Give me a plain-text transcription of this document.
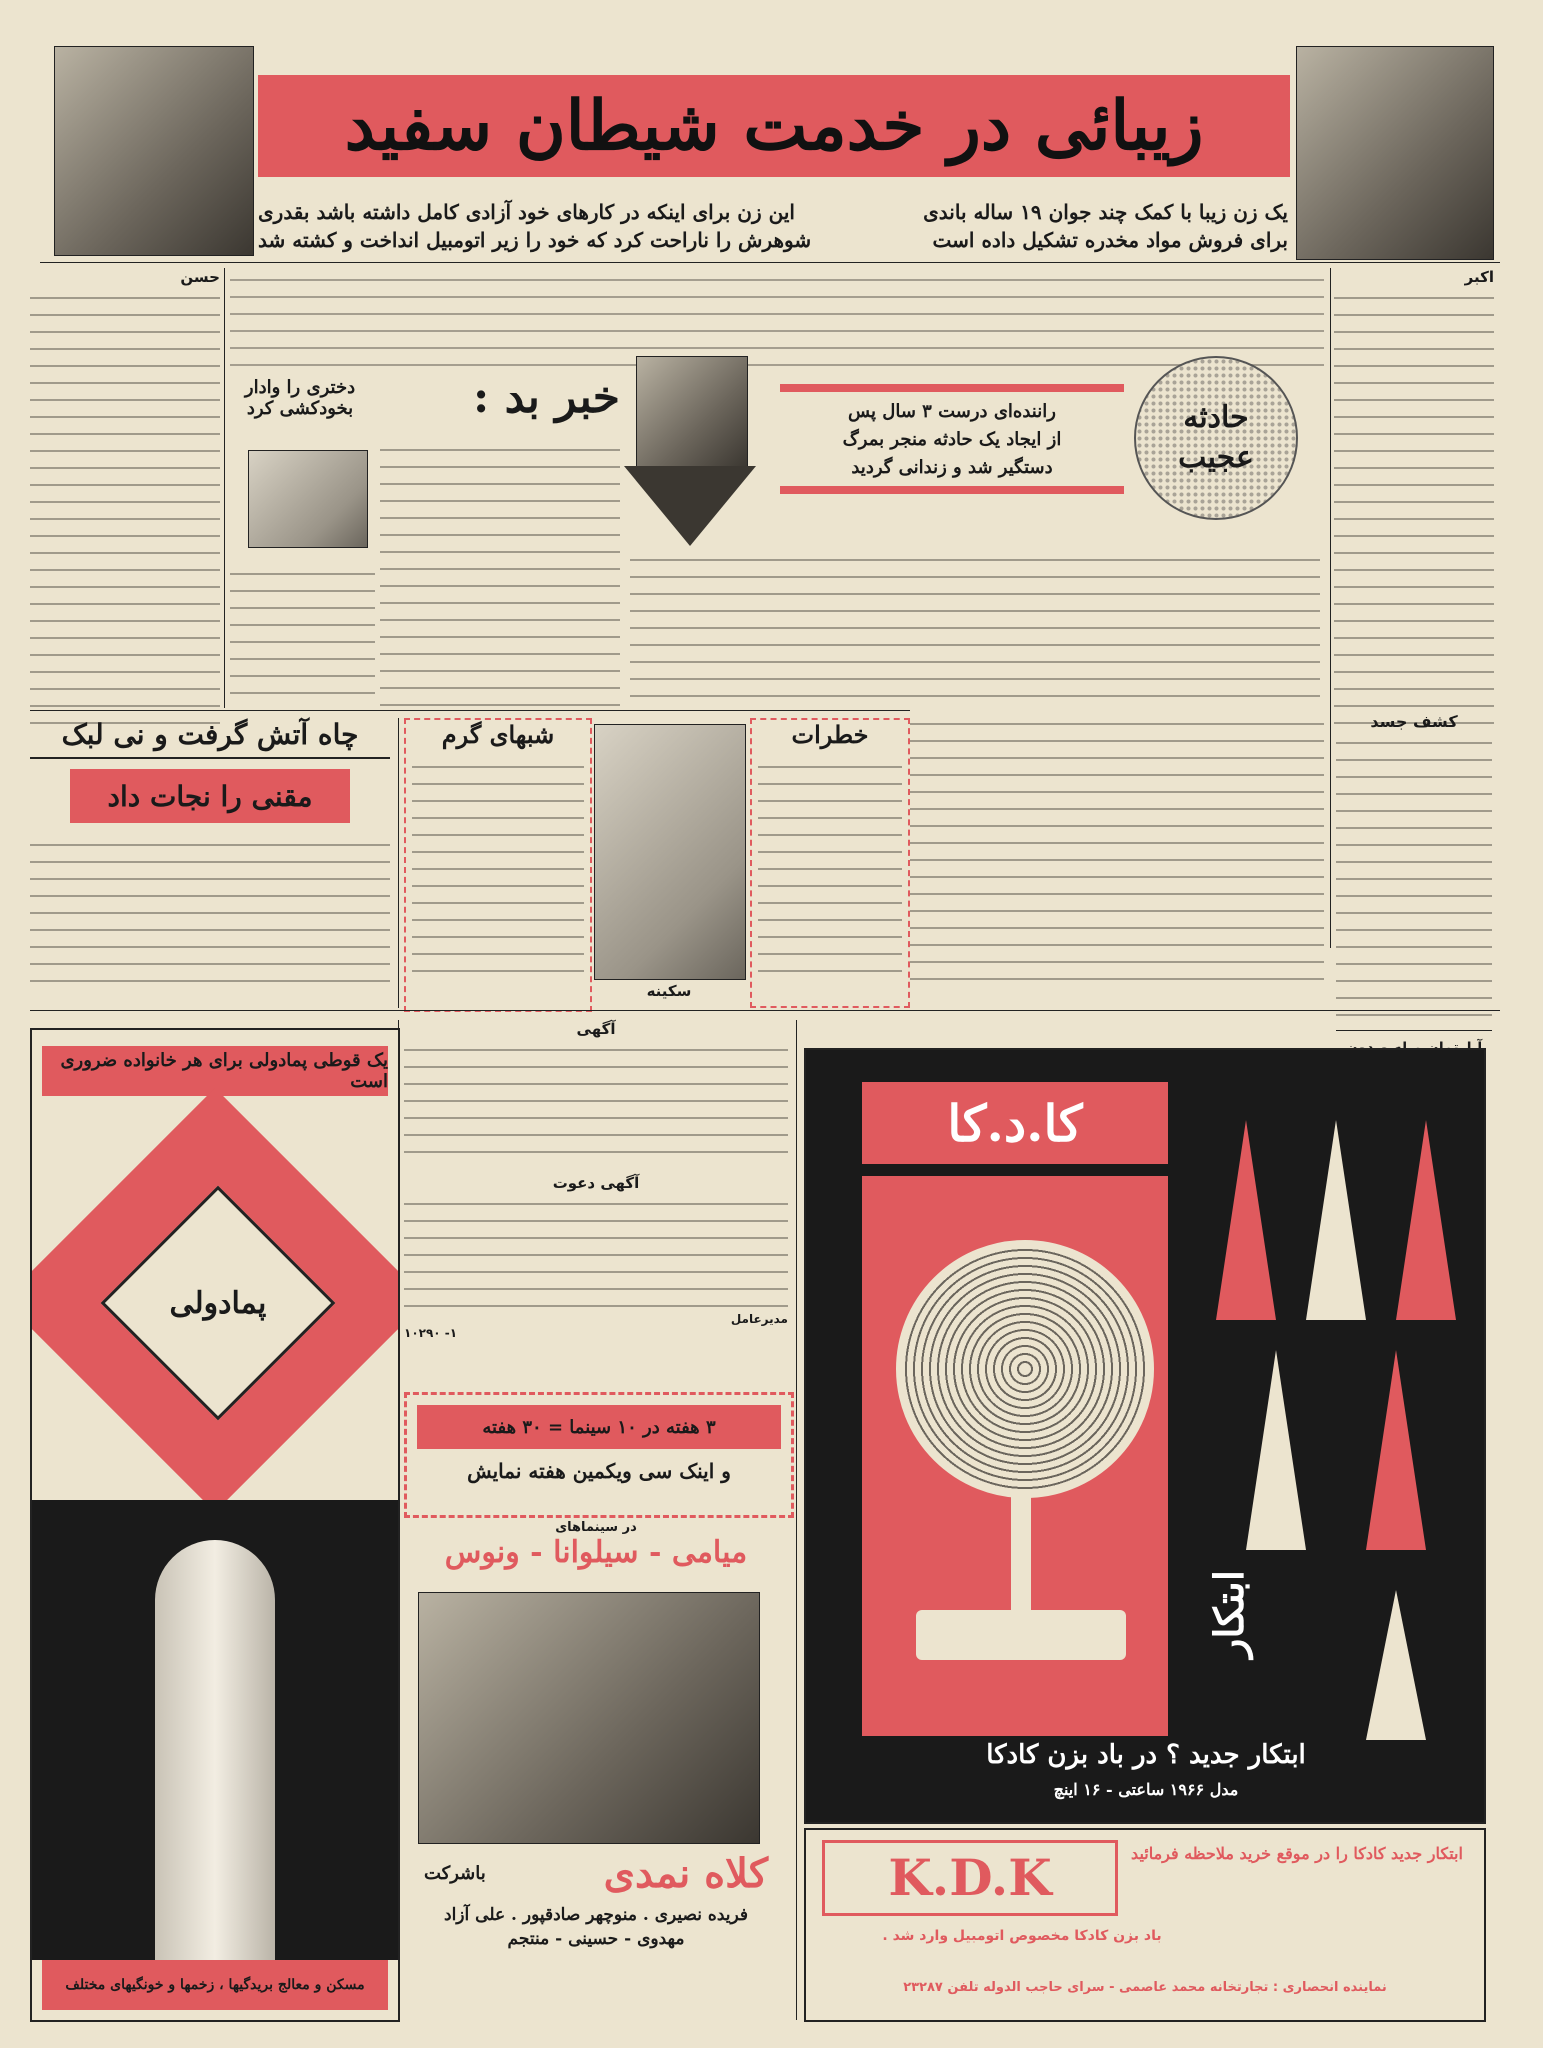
زیبائی در خدمت شیطان سفید
یک زن زیبا با کمک چند جوان ۱۹ ساله باندی
این زن برای اینکه در کارهای خود آزادی کامل داشته باشد بقدری
برای فروش مواد مخدره تشکیل داده است
شوهرش را ناراحت کرد که خود را زیر اتومبیل انداخت و کشته شد
اکبر
کشف جسد
حسن
خبر بد :
دختری را وادار بخودکشی کرد	راننده‌ای درست ۳ سال پس
از ایجاد یک حادثه منجر بمرگ
دستگیر شد و زندانی گردید
حادثه عجیب
چاه آتش گرفت و نی لبک
مقنی را نجات داد
شبهای گرم
سکینه
خطرات
یک قوطی پمادولی برای هر خانواده ضروری است
پمادولی
مسکن و معالج بریدگیها ، زخمها و خونگیهای مختلف
آگهی
آگهی دعوت
مدیرعامل
۱- ۱۰۲۹۰
۳ هفته در ۱۰ سینما = ۳۰ هفته
و اینک سی ویکمین هفته نمایش
در سینماهای
میامی - سیلوانا - ونوس
کلاه نمدی
باشرکت
فریده نصیری . منوچهر صادقپور . علی آزاد
مهدوی - حسینی - منتجم
کا.د.کا
ابتکار
ابتکار جدید ؟ در باد بزن کادکا
مدل ۱۹۶۶ ساعتی - ۱۶ اینچ
K.D.K	ابتکار جدید کادکا را در موقع خرید ملاحظه فرمائید
باد بزن کادکا مخصوص اتومبیل وارد شد .
نماینده انحصاری : تجارتخانه محمد عاصمی - سرای حاجب الدوله تلفن ۲۳۲۸۷
